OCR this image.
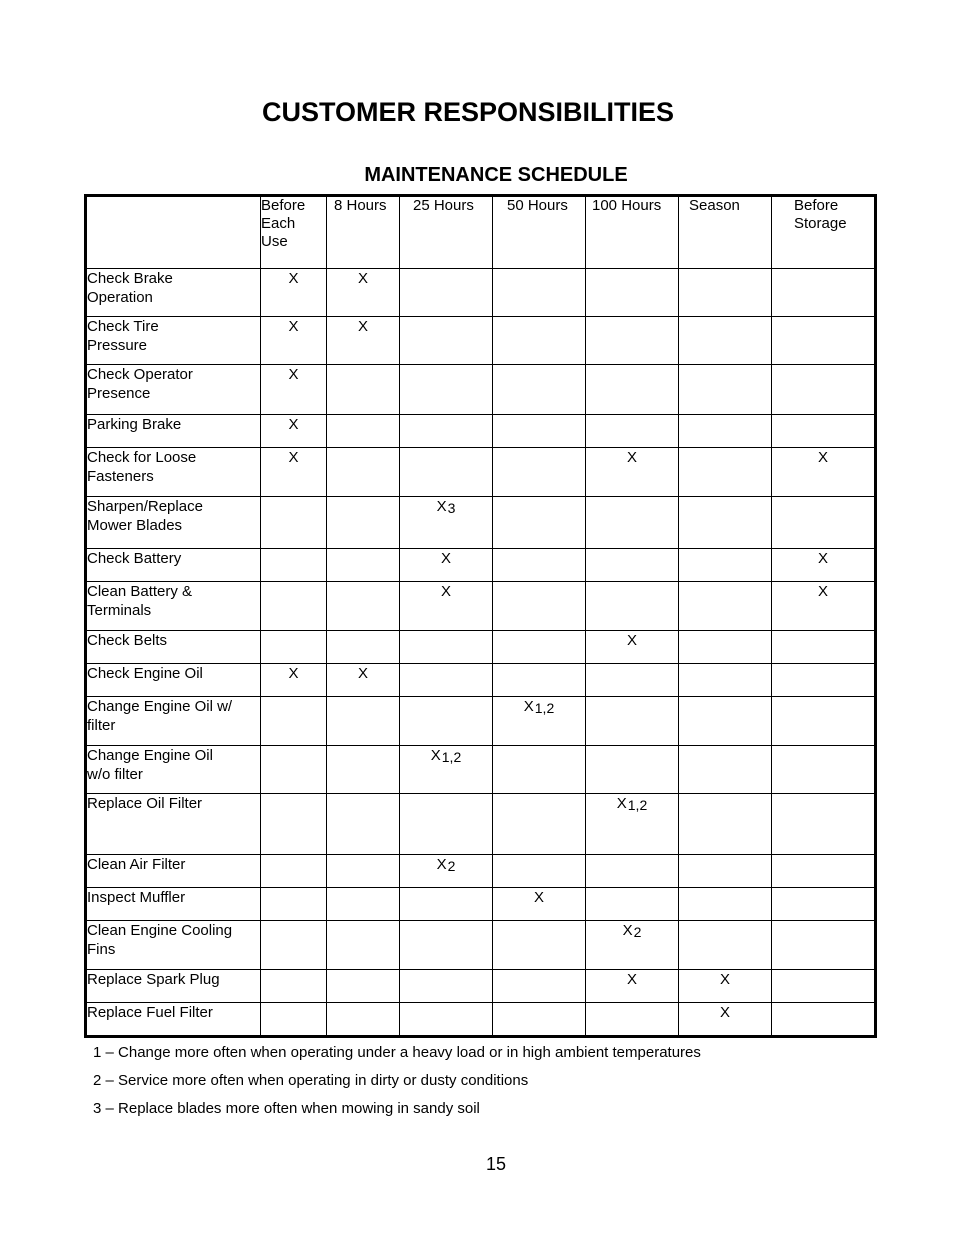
CUSTOMER RESPONSIBILITIES
MAINTENANCE SCHEDULE
	Before
Each
Use	8 Hours	25 Hours	50 Hours	100 Hours	Season	Before
Storage
Check Brake
Operation	X	X					
Check Tire
Pressure	X	X					
Check Operator
Presence	X						
Parking Brake	X						
Check for Loose
Fasteners	X				X		X
Sharpen/Replace
Mower Blades			$X_3$				
Check Battery			X				X
Clean Battery &
Terminals			X				X
Check Belts					X		
Check Engine Oil	X	X					
Change Engine Oil w/
filter				$X_{1,2}$			
Change Engine Oil
w/o filter			$X_{1,2}$				
Replace Oil Filter					$X_{1,2}$		
Clean Air Filter			$X_2$				
Inspect Muffler				X			
Clean Engine Cooling
Fins					$X_2$		
Replace Spark Plug					X	X	
Replace Fuel Filter						X	
1 – Change more often when operating under a heavy load or in high ambient temperatures
2 – Service more often when operating in dirty or dusty conditions
3 – Replace blades more often when mowing in sandy soil
15
